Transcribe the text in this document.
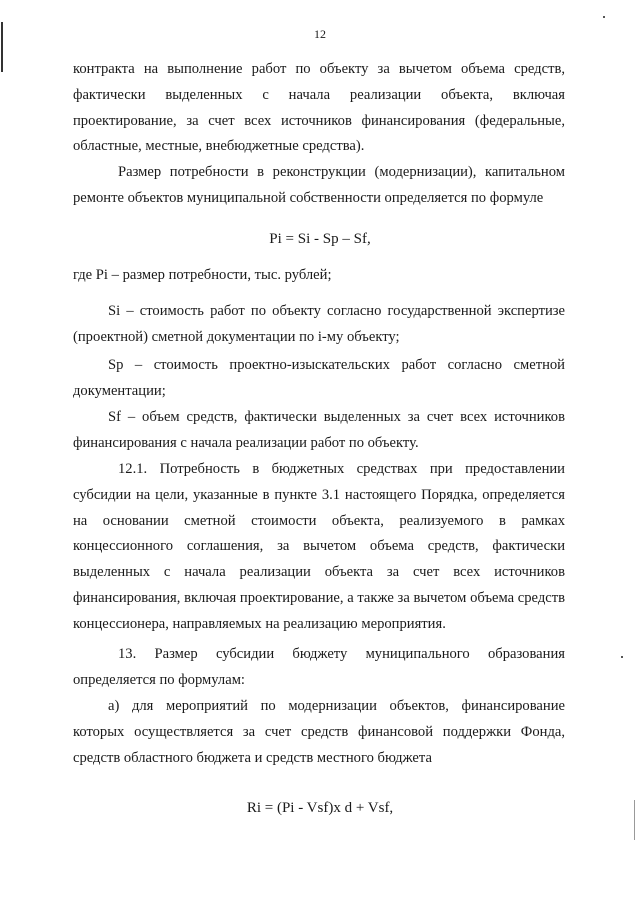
12

контракта на выполнение работ по объекту за вычетом объема средств, фактически выделенных с начала реализации объекта, включая проектирование, за счет всех источников финансирования (федеральные, областные, местные, внебюджетные средства).

Размер потребности в реконструкции (модернизации), капитальном ремонте объектов муниципальной собственности определяется по формуле

Pi = Si - Sp – Sf,

где Pi – размер потребности, тыс. рублей;

Si – стоимость работ по объекту согласно государственной экспертизе (проектной) сметной документации по i-му объекту;

Sp – стоимость проектно-изыскательских работ согласно сметной документации;

Sf – объем средств, фактически выделенных за счет всех источников финансирования с начала реализации работ по объекту.

12.1. Потребность в бюджетных средствах при предоставлении субсидии на цели, указанные в пункте 3.1 настоящего Порядка, определяется на основании сметной стоимости объекта, реализуемого в рамках концессионного соглашения, за вычетом объема средств, фактически выделенных с начала реализации объекта за счет всех источников финансирования, включая проектирование, а также за вычетом объема средств концессионера, направляемых на реализацию мероприятия.

13. Размер субсидии бюджету муниципального образования определяется по формулам:

а) для мероприятий по модернизации объектов, финансирование которых осуществляется за счет средств финансовой поддержки Фонда, средств областного бюджета и средств местного бюджета

Ri = (Pi - Vsf)x d + Vsf,
